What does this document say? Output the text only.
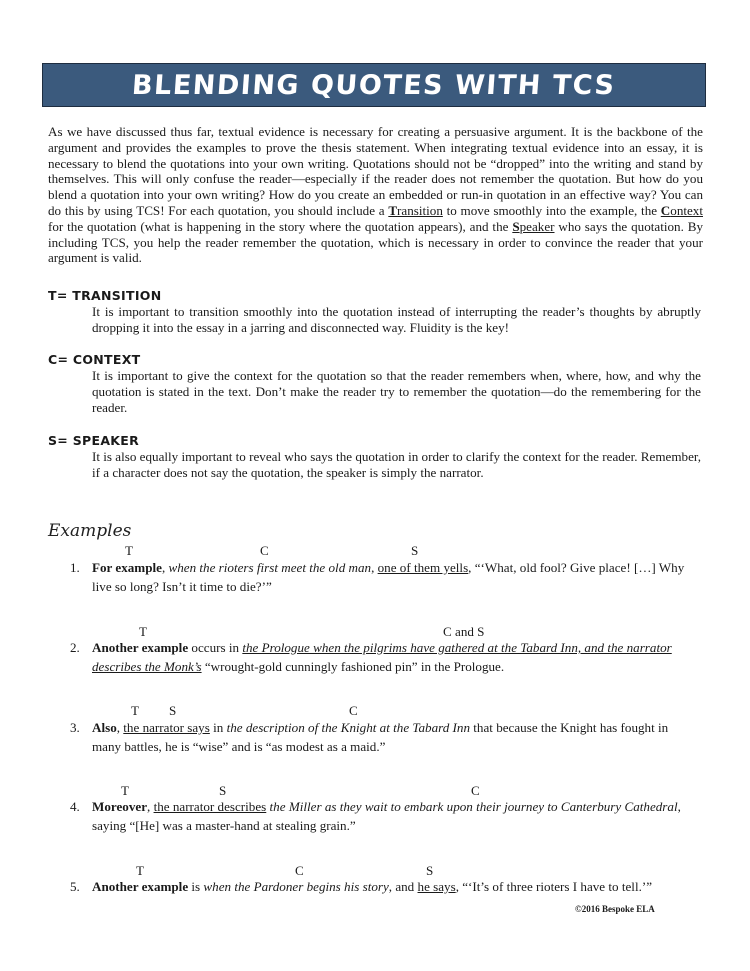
BLENDING QUOTES WITH TCS

As we have discussed thus far, textual evidence is necessary for creating a persuasive argument. It is the backbone of the argument and provides the examples to prove the thesis statement. When integrating textual evidence into an essay, it is necessary to blend the quotations into your own writing. Quotations should not be “dropped” into the writing and stand by themselves. This will only confuse the reader—especially if the reader does not remember the quotation. But how do you blend a quotation into your own writing? How do you create an embedded or run-in quotation in an effective way? You can do this by using TCS! For each quotation, you should include a Transition to move smoothly into the example, the Context for the quotation (what is happening in the story where the quotation appears), and the Speaker who says the quotation. By including TCS, you help the reader remember the quotation, which is necessary in order to convince the reader that your argument is valid.

T= TRANSITION

It is important to transition smoothly into the quotation instead of interrupting the reader’s thoughts by abruptly dropping it into the essay in a jarring and disconnected way. Fluidity is the key!

C= CONTEXT

It is important to give the context for the quotation so that the reader remembers when, where, how, and why the quotation is stated in the text. Don’t make the reader try to remember the quotation—do the remembering for the reader.

S= SPEAKER

It is also equally important to reveal who says the quotation in order to clarify the context for the reader. Remember, if a character does not say the quotation, the speaker is simply the narrator.

Examples
T	C	S
1. For example, when the rioters first meet the old man, one of them yells, “‘What, old fool? Give place! […] Why live so long? Isn’t it time to die?’”
T	C and S
2. Another example occurs in the Prologue when the pilgrims have gathered at the Tabard Inn, and the narrator describes the Monk’s “wrought-gold cunningly fashioned pin” in the Prologue.
T S	C
3. Also, the narrator says in the description of the Knight at the Tabard Inn that because the Knight has fought in many battles, he is “wise” and is “as modest as a maid.”
T	S	C
4. Moreover, the narrator describes the Miller as they wait to embark upon their journey to Canterbury Cathedral, saying “[He] was a master-hand at stealing grain.”
T	C	S
5. Another example is when the Pardoner begins his story, and he says, “‘It’s of three rioters I have to tell.’”
©2016 Bespoke ELA
